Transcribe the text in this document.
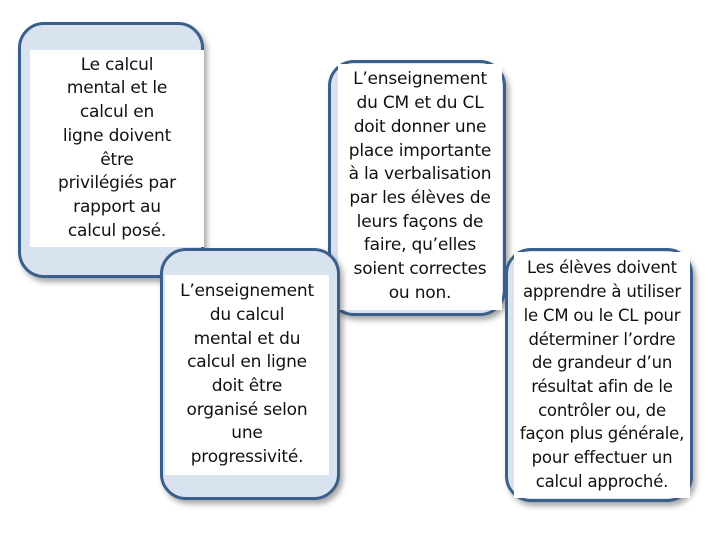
Le calcul
mental et le
calcul en
ligne doivent
être
privilégiés par
rapport au
calcul posé.
L’enseignement
du CM et du CL
doit donner une
place importante
à la verbalisation
par les élèves de
leurs façons de
faire, qu’elles
soient correctes
ou non.
L’enseignement
du calcul
mental et du
calcul en ligne
doit être
organisé selon
une
progressivité.
Les élèves doivent
apprendre à utiliser
le CM ou le CL pour
déterminer l’ordre
de grandeur d’un
résultat afin de le
contrôler ou, de
façon plus générale,
pour effectuer un
calcul approché.
